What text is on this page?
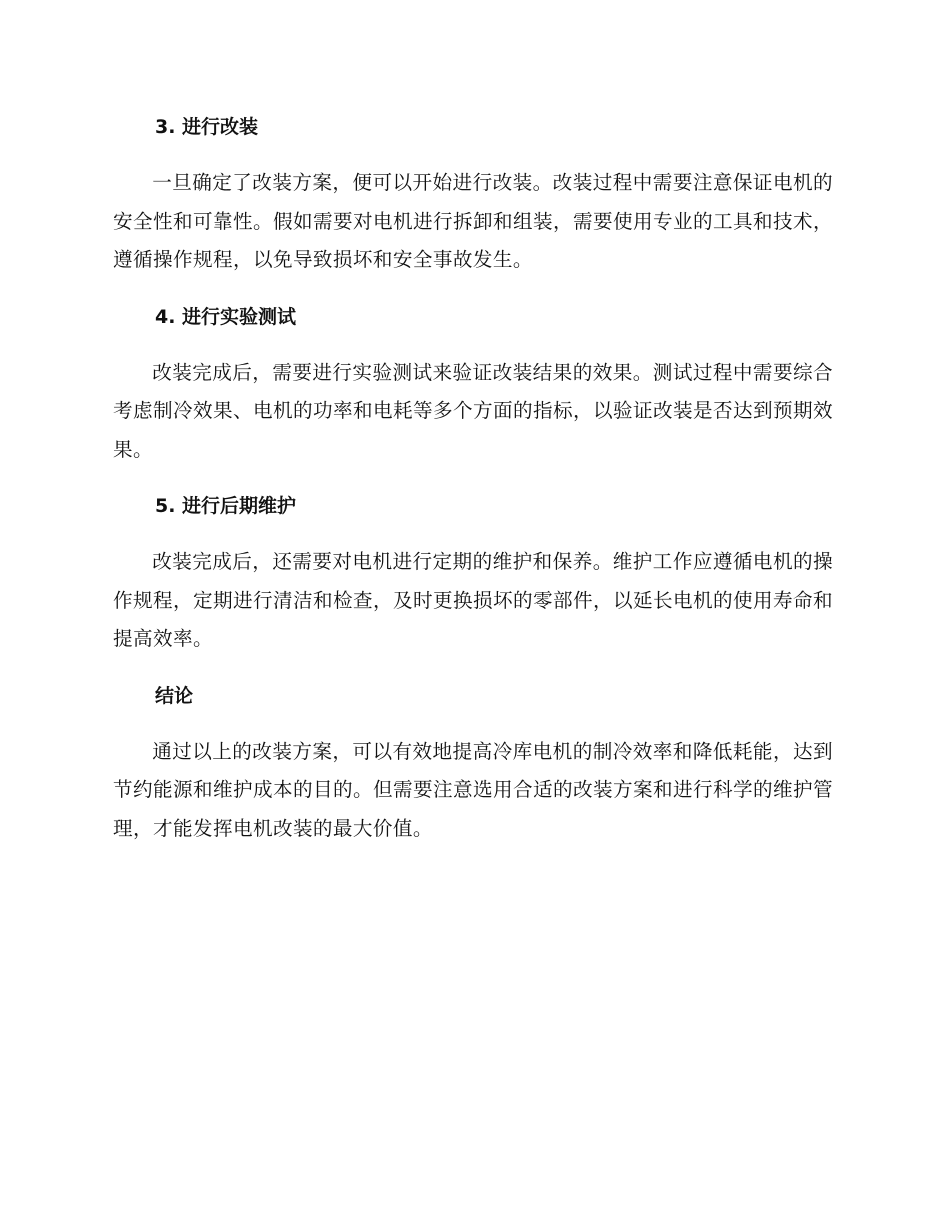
3. 进行改装

一旦确定了改装方案，便可以开始进行改装。改装过程中需要注意保证电机的安全性和可靠性。假如需要对电机进行拆卸和组装，需要使用专业的工具和技术，遵循操作规程，以免导致损坏和安全事故发生。

4. 进行实验测试

改装完成后，需要进行实验测试来验证改装结果的效果。测试过程中需要综合考虑制冷效果、电机的功率和电耗等多个方面的指标，以验证改装是否达到预期效果。

5. 进行后期维护

改装完成后，还需要对电机进行定期的维护和保养。维护工作应遵循电机的操作规程，定期进行清洁和检查，及时更换损坏的零部件，以延长电机的使用寿命和提高效率。

结论

通过以上的改装方案，可以有效地提高冷库电机的制冷效率和降低耗能，达到节约能源和维护成本的目的。但需要注意选用合适的改装方案和进行科学的维护管理，才能发挥电机改装的最大价值。
